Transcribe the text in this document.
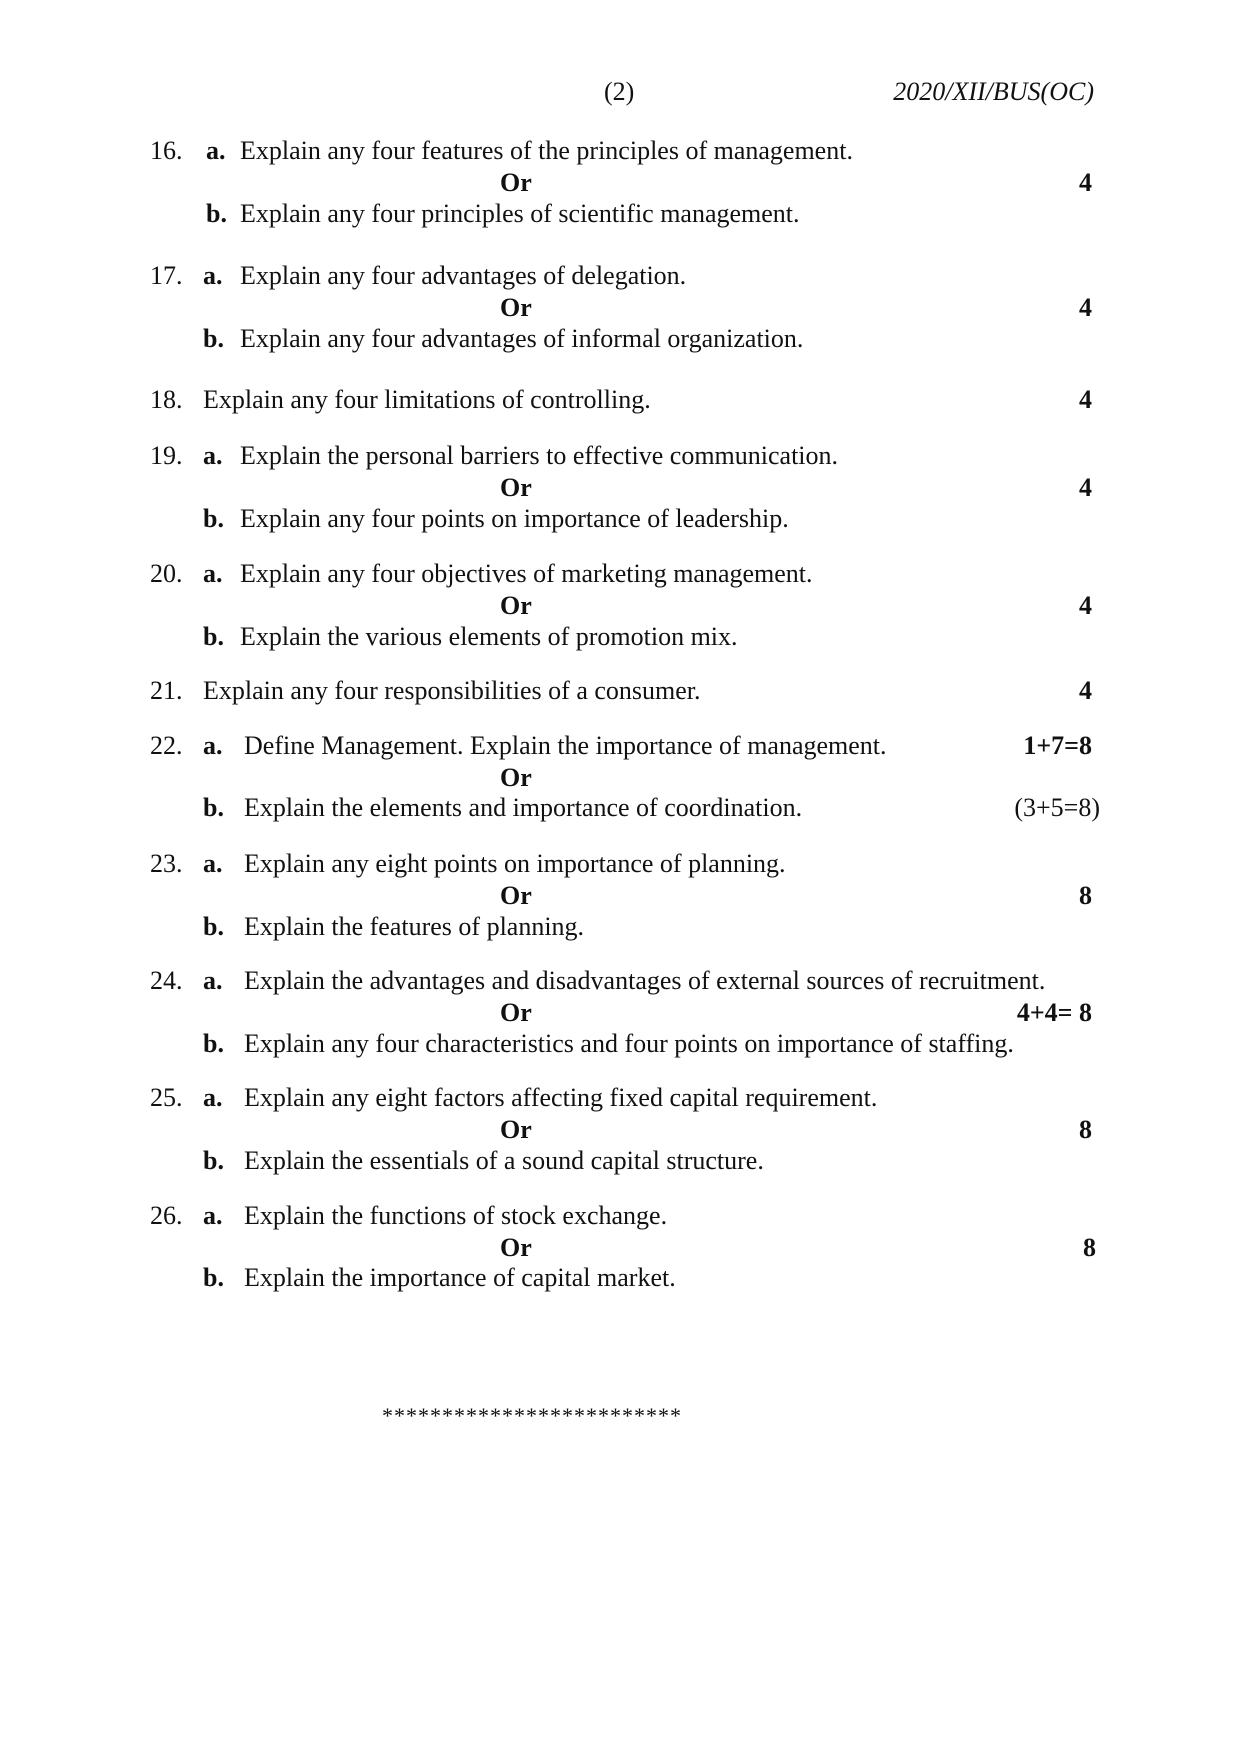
(2)	2020/XII/BUS(OC)
16. a. Explain any four features of the principles of management.
Or	4
b. Explain any four principles of scientific management.
17. a. Explain any four advantages of delegation.
Or	4
b. Explain any four advantages of informal organization.
18. Explain any four limitations of controlling.	4
19. a. Explain the personal barriers to effective communication.
Or	4
b. Explain any four points on importance of leadership.
20. a. Explain any four objectives of marketing management.
Or	4
b. Explain the various elements of promotion mix.
21. Explain any four responsibilities of a consumer.	4
22. a. Define Management. Explain the importance of management.	1+7=8
Or
b. Explain the elements and importance of coordination.	(3+5=8)
23. a. Explain any eight points on importance of planning.
Or	8
b. Explain the features of planning.
24. a. Explain the advantages and disadvantages of external sources of recruitment.
Or	4+4= 8
b. Explain any four characteristics and four points on importance of staffing.
25. a. Explain any eight factors affecting fixed capital requirement.
Or	8
b. Explain the essentials of a sound capital structure.
26. a. Explain the functions of stock exchange.
Or	8
b. Explain the importance of capital market.
*************************
